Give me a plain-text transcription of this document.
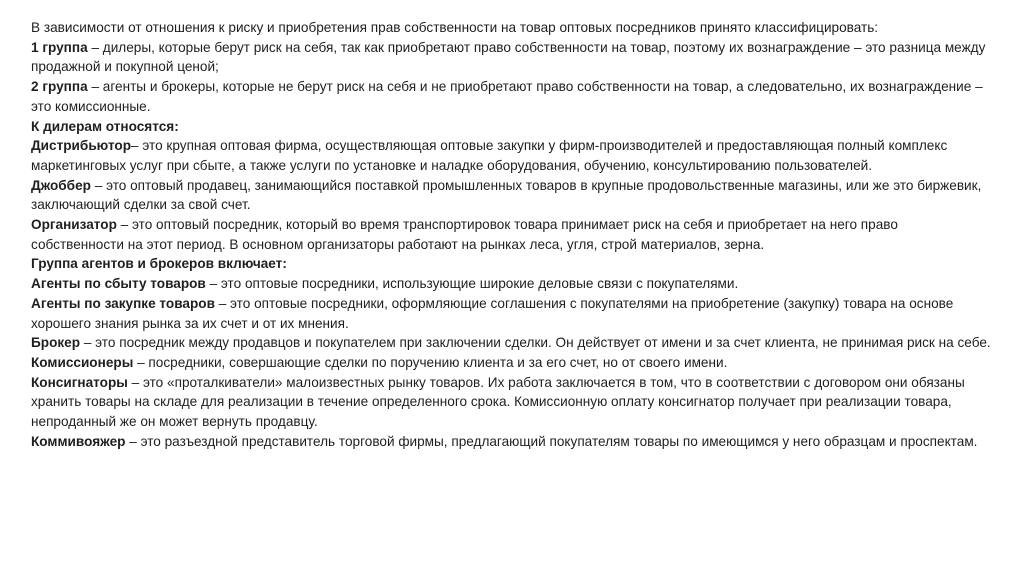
В зависимости от отношения к риску и приобретения прав собственности на товар оптовых посредников принято классифицировать:

1 группа – дилеры, которые берут риск на себя, так как приобретают право собственности на товар, поэтому их вознаграждение – это разница между продажной и покупной ценой;

2 группа – агенты и брокеры, которые не берут риск на себя и не приобретают право собственности на товар, а следовательно, их вознаграждение – это комиссионные.

К дилерам относятся:

Дистрибьютор– это крупная оптовая фирма, осуществляющая оптовые закупки у фирм-производителей и предоставляющая полный комплекс маркетинговых услуг при сбыте, а также услуги по установке и наладке оборудования, обучению, консультированию пользователей.

Джоббер – это оптовый продавец, занимающийся поставкой промышленных товаров в крупные продовольственные магазины, или же это биржевик, заключающий сделки за свой счет.

Организатор – это оптовый посредник, который во время транспортировок товара принимает риск на себя и приобретает на него право собственности на этот период. В основном организаторы работают на рынках леса, угля, строй материалов, зерна.

Группа агентов и брокеров включает:

Агенты по сбыту товаров – это оптовые посредники, использующие широкие деловые связи с покупателями.

Агенты по закупке товаров – это оптовые посредники, оформляющие соглашения с покупателями на приобретение (закупку) товара на основе хорошего знания рынка за их счет и от их мнения.

Брокер – это посредник между продавцов и покупателем при заключении сделки. Он действует от имени и за счет клиента, не принимая риск на себе.

Комиссионеры – посредники, совершающие сделки по поручению клиента и за его счет, но от своего имени.

Консигнаторы – это «проталкиватели» малоизвестных рынку товаров. Их работа заключается в том, что в соответствии с договором они обязаны хранить товары на складе для реализации в течение определенного срока. Комиссионную оплату консигнатор получает при реализации товара, непроданный же он может вернуть продавцу.

Коммивояжер – это разъездной представитель торговой фирмы, предлагающий покупателям товары по имеющимся у него образцам и проспектам.
